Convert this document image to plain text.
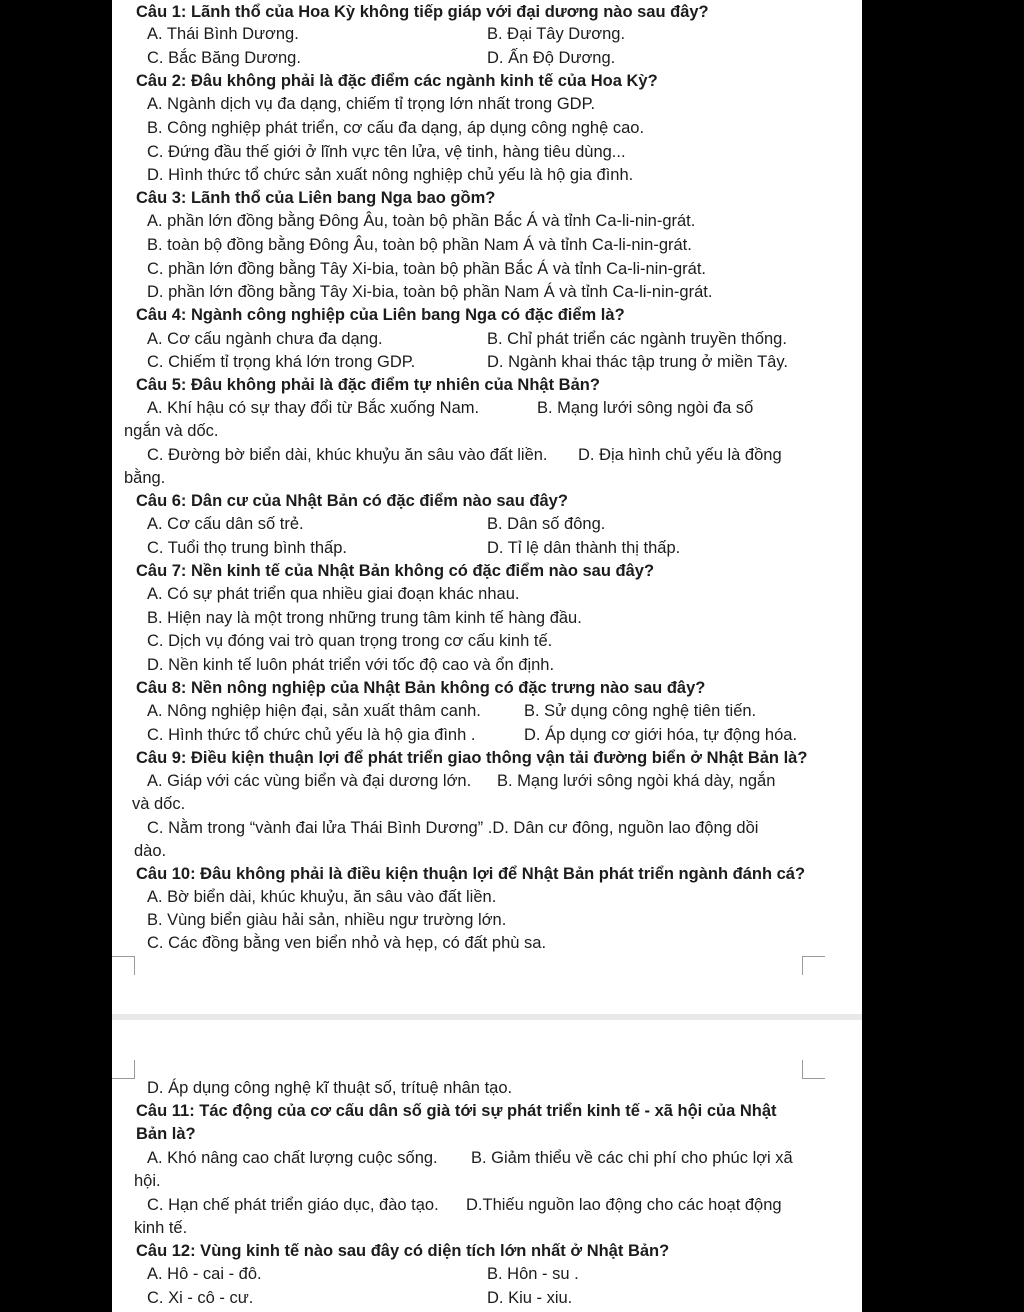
Câu 1: Lãnh thổ của Hoa Kỳ không tiếp giáp với đại dương nào sau đây?
A. Thái Bình Dương.	B. Đại Tây Dương.
C. Bắc Băng Dương.	D. Ấn Độ Dương.
Câu 2: Đâu không phải là đặc điểm các ngành kinh tế của Hoa Kỳ?
A. Ngành dịch vụ đa dạng, chiếm tỉ trọng lớn nhất trong GDP.
B. Công nghiệp phát triển, cơ cấu đa dạng, áp dụng công nghệ cao.
C. Đứng đầu thế giới ở lĩnh vực tên lửa, vệ tinh, hàng tiêu dùng...
D. Hình thức tổ chức sản xuất nông nghiệp chủ yếu là hộ gia đình.
Câu 3: Lãnh thổ của Liên bang Nga bao gồm?
A. phần lớn đồng bằng Đông Âu, toàn bộ phần Bắc Á và tỉnh Ca-li-nin-grát.
B. toàn bộ đồng bằng Đông Âu, toàn bộ phần Nam Á và tỉnh Ca-li-nin-grát.
C. phần lớn đồng bằng Tây Xi-bia, toàn bộ phần Bắc Á và tỉnh Ca-li-nin-grát.
D. phần lớn đồng bằng Tây Xi-bia, toàn bộ phần Nam Á và tỉnh Ca-li-nin-grát.
Câu 4: Ngành công nghiệp của Liên bang Nga có đặc điểm là?
A. Cơ cấu ngành chưa đa dạng.	B. Chỉ phát triển các ngành truyền thống.
C. Chiếm tỉ trọng khá lớn trong GDP.	D. Ngành khai thác tập trung ở miền Tây.
Câu 5: Đâu không phải là đặc điểm tự nhiên của Nhật Bản?
A. Khí hậu có sự thay đổi từ Bắc xuống Nam.	B. Mạng lưới sông ngòi đa số
ngắn và dốc.
C. Đường bờ biển dài, khúc khuỷu ăn sâu vào đất liền. D. Địa hình chủ yếu là đồng
bằng.
Câu 6: Dân cư của Nhật Bản có đặc điểm nào sau đây?
A. Cơ cấu dân số trẻ.	B. Dân số đông.
C. Tuổi thọ trung bình thấp.	D. Tỉ lệ dân thành thị thấp.
Câu 7: Nền kinh tế của Nhật Bản không có đặc điểm nào sau đây?
A. Có sự phát triển qua nhiều giai đoạn khác nhau.
B. Hiện nay là một trong những trung tâm kinh tế hàng đầu.
C. Dịch vụ đóng vai trò quan trọng trong cơ cấu kinh tế.
D. Nền kinh tế luôn phát triển với tốc độ cao và ổn định.
Câu 8: Nền nông nghiệp của Nhật Bản không có đặc trưng nào sau đây?
A. Nông nghiệp hiện đại, sản xuất thâm canh.	B. Sử dụng công nghệ tiên tiến.
C. Hình thức tổ chức chủ yếu là hộ gia đình .	D. Áp dụng cơ giới hóa, tự động hóa.
Câu 9: Điều kiện thuận lợi để phát triển giao thông vận tải đường biển ở Nhật Bản là?
A. Giáp với các vùng biển và đại dương lớn. B. Mạng lưới sông ngòi khá dày, ngắn
và dốc.
C. Nằm trong “vành đai lửa Thái Bình Dương” .D. Dân cư đông, nguồn lao động dồi
dào.
Câu 10: Đâu không phải là điều kiện thuận lợi để Nhật Bản phát triển ngành đánh cá?
A. Bờ biển dài, khúc khuỷu, ăn sâu vào đất liền.
B. Vùng biển giàu hải sản, nhiều ngư trường lớn.
C. Các đồng bằng ven biển nhỏ và hẹp, có đất phù sa.
D. Áp dụng công nghệ kĩ thuật số, trítuệ nhân tạo.
Câu 11: Tác động của cơ cấu dân số già tới sự phát triển kinh tế - xã hội của Nhật
Bản là?
A. Khó nâng cao chất lượng cuộc sống. B. Giảm thiểu về các chi phí cho phúc lợi xã
hội.
C. Hạn chế phát triển giáo dục, đào tạo. D.Thiếu nguồn lao động cho các hoạt động
kinh tế.
Câu 12: Vùng kinh tế nào sau đây có diện tích lớn nhất ở Nhật Bản?
A. Hô - cai - đô.	B. Hôn - su .
C. Xi - cô - cư.	D. Kiu - xiu.
